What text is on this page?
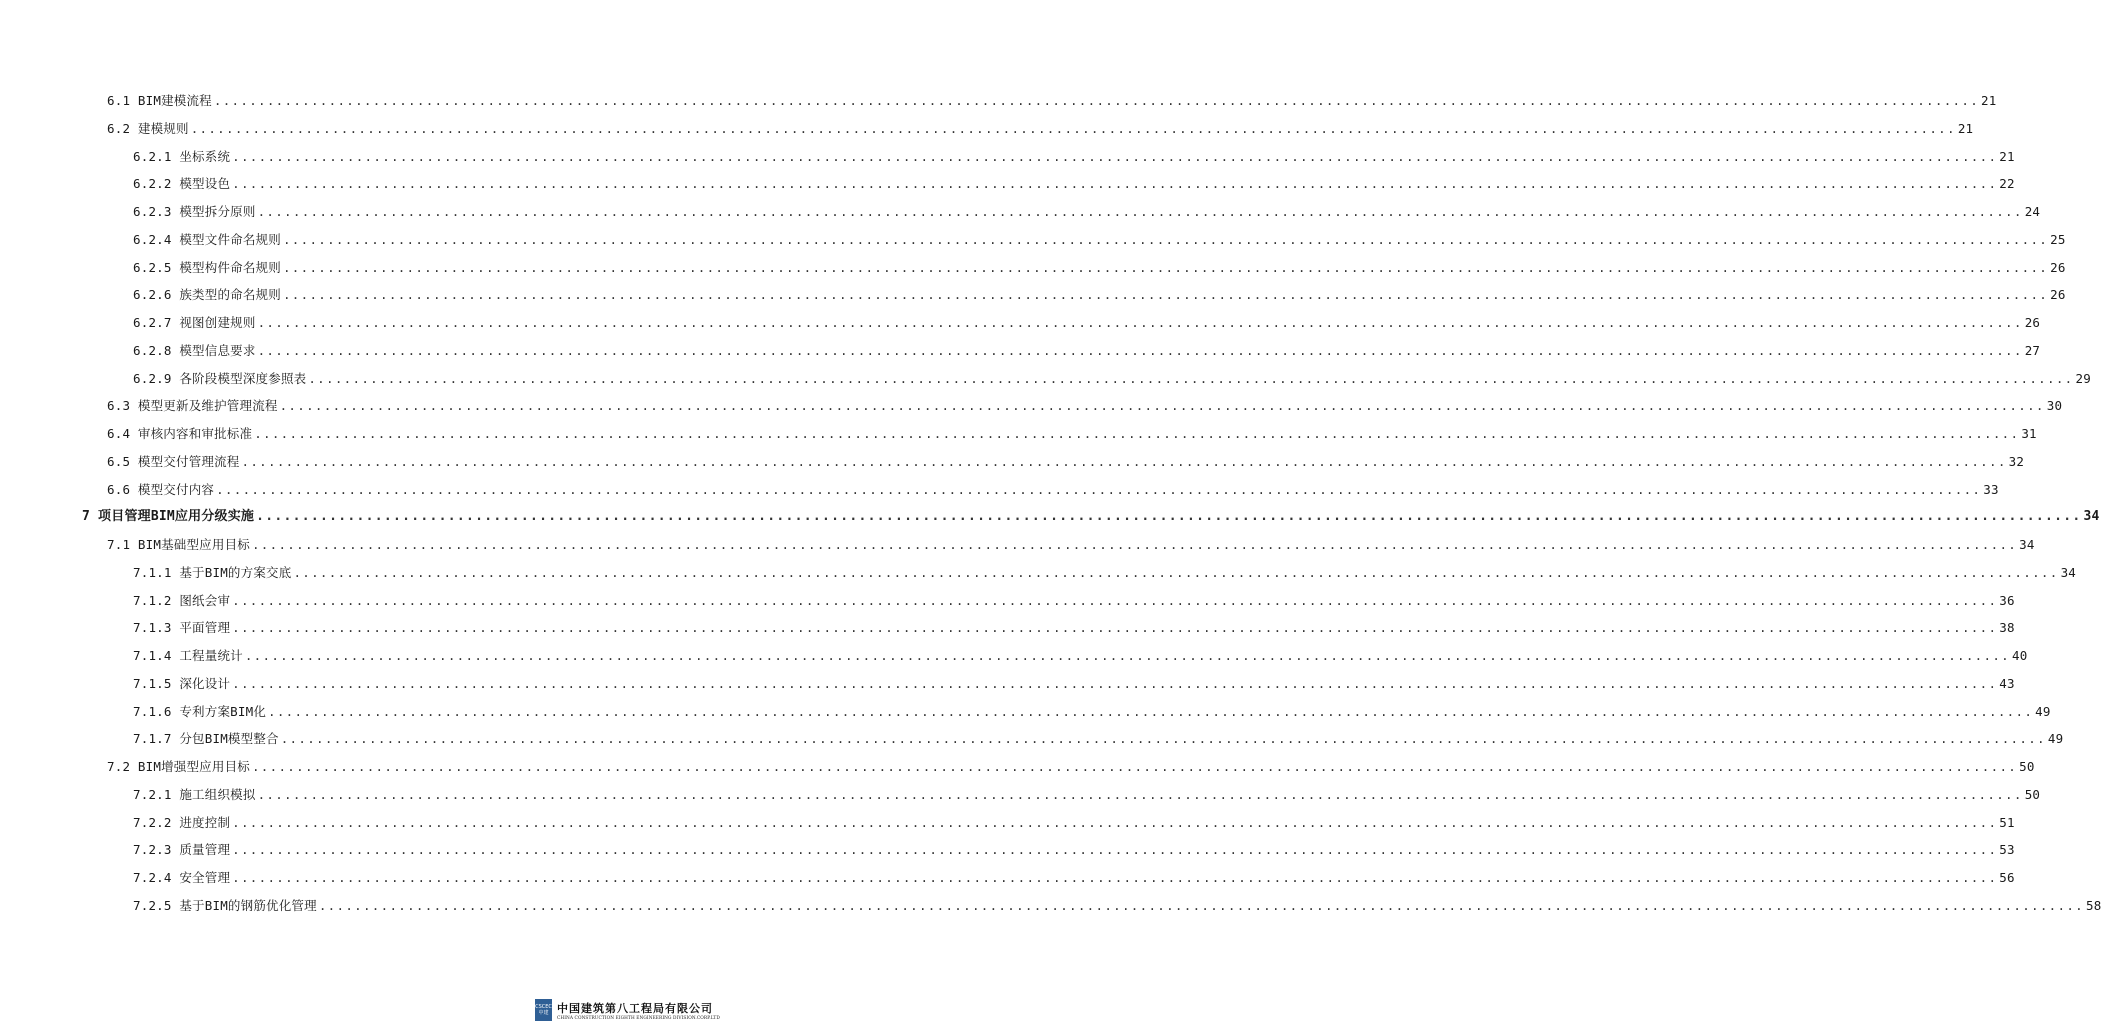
6.1 BIM建模流程 ........................................................................................................................................................................................................ 21
6.2 建模规则 ........................................................................................................................................................................................................ 21
6.2.1 坐标系统 ........................................................................................................................................................................................................ 21
6.2.2 模型设色 ........................................................................................................................................................................................................ 22
6.2.3 模型拆分原则 ........................................................................................................................................................................................................ 24
6.2.4 模型文件命名规则 ........................................................................................................................................................................................................ 25
6.2.5 模型构件命名规则 ........................................................................................................................................................................................................ 26
6.2.6 族类型的命名规则 ........................................................................................................................................................................................................ 26
6.2.7 视图创建规则 ........................................................................................................................................................................................................ 26
6.2.8 模型信息要求 ........................................................................................................................................................................................................ 27
6.2.9 各阶段模型深度参照表 ........................................................................................................................................................................................................ 29
6.3 模型更新及维护管理流程 ........................................................................................................................................................................................................ 30
6.4 审核内容和审批标准 ........................................................................................................................................................................................................ 31
6.5 模型交付管理流程 ........................................................................................................................................................................................................ 32
6.6 模型交付内容 ........................................................................................................................................................................................................ 33
7 项目管理BIM应用分级实施 ........................................................................................................................................................................................................ 34
7.1 BIM基础型应用目标 ........................................................................................................................................................................................................ 34
7.1.1 基于BIM的方案交底 ........................................................................................................................................................................................................ 34
7.1.2 图纸会审 ........................................................................................................................................................................................................ 36
7.1.3 平面管理 ........................................................................................................................................................................................................ 38
7.1.4 工程量统计 ........................................................................................................................................................................................................ 40
7.1.5 深化设计 ........................................................................................................................................................................................................ 43
7.1.6 专利方案BIM化 ........................................................................................................................................................................................................ 49
7.1.7 分包BIM模型整合 ........................................................................................................................................................................................................ 49
7.2 BIM增强型应用目标 ........................................................................................................................................................................................................ 50
7.2.1 施工组织模拟 ........................................................................................................................................................................................................ 50
7.2.2 进度控制 ........................................................................................................................................................................................................ 51
7.2.3 质量管理 ........................................................................................................................................................................................................ 53
7.2.4 安全管理 ........................................................................................................................................................................................................ 56
7.2.5 基于BIM的钢筋优化管理 ........................................................................................................................................................................................................ 58
CSCEC
中建 中国建筑第八工程局有限公司
CHINA CONSTRUCTION EIGHTH ENGINEERING DIVISION.CORP.LTD
